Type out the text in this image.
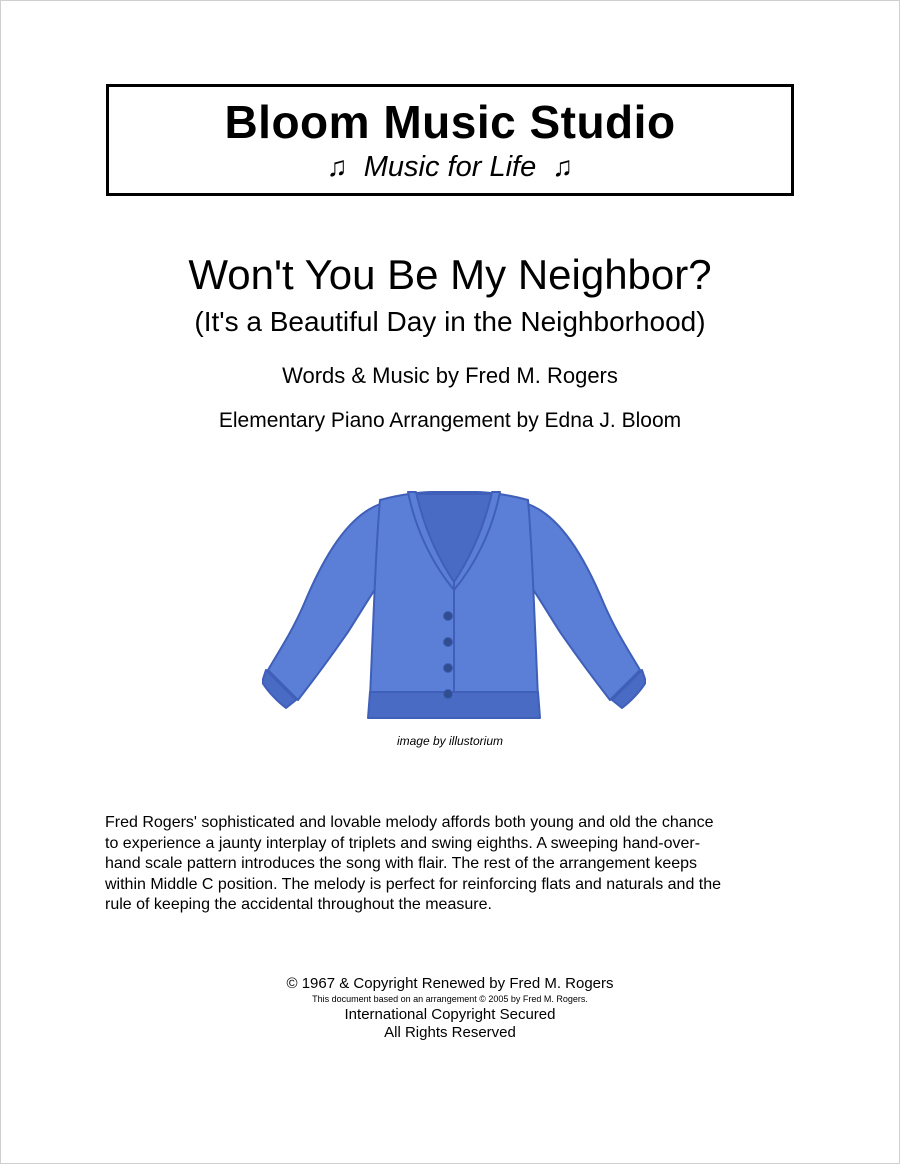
Bloom Music Studio
♫ Music for Life ♫
Won't You Be My Neighbor?
(It's a Beautiful Day in the Neighborhood)
Words & Music by Fred M. Rogers
Elementary Piano Arrangement by Edna J. Bloom
image by illustorium
Fred Rogers' sophisticated and lovable melody affords both young and old the chance
to experience a jaunty interplay of triplets and swing eighths. A sweeping hand-over-
hand scale pattern introduces the song with flair. The rest of the arrangement keeps
within Middle C position. The melody is perfect for reinforcing flats and naturals and the
rule of keeping the accidental throughout the measure.
© 1967 & Copyright Renewed by Fred M. Rogers
This document based on an arrangement © 2005 by Fred M. Rogers.
International Copyright Secured
All Rights Reserved
